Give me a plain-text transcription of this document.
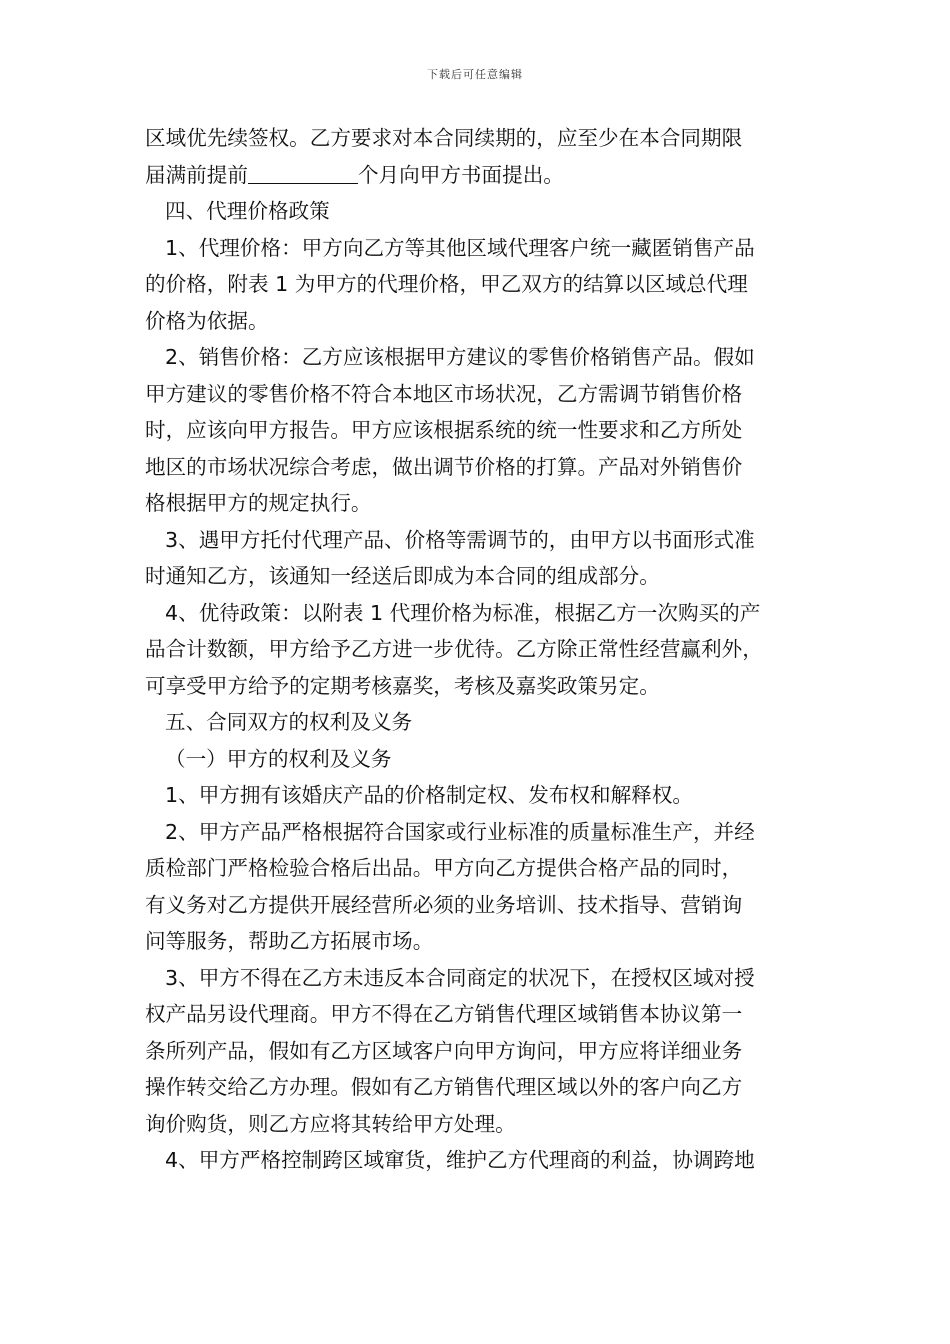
下载后可任意编辑

区域优先续签权。乙方要求对本合同续期的，应至少在本合同期限

届满前提前	个月向甲方书面提出。

四、代理价格政策

1、代理价格：甲方向乙方等其他区域代理客户统一藏匿销售产品

的价格，附表 1 为甲方的代理价格，甲乙双方的结算以区域总代理

价格为依据。

2、销售价格：乙方应该根据甲方建议的零售价格销售产品。假如

甲方建议的零售价格不符合本地区市场状况，乙方需调节销售价格

时，应该向甲方报告。甲方应该根据系统的统一性要求和乙方所处

地区的市场状况综合考虑，做出调节价格的打算。产品对外销售价

格根据甲方的规定执行。

3、遇甲方托付代理产品、价格等需调节的，由甲方以书面形式准

时通知乙方，该通知一经送后即成为本合同的组成部分。

4、优待政策：以附表 1 代理价格为标准，根据乙方一次购买的产

品合计数额，甲方给予乙方进一步优待。乙方除正常性经营赢利外，

可享受甲方给予的定期考核嘉奖，考核及嘉奖政策另定。

五、合同双方的权利及义务

（一）甲方的权利及义务

1、甲方拥有该婚庆产品的价格制定权、发布权和解释权。

2、甲方产品严格根据符合国家或行业标准的质量标准生产，并经

质检部门严格检验合格后出品。甲方向乙方提供合格产品的同时，

有义务对乙方提供开展经营所必须的业务培训、技术指导、营销询

问等服务，帮助乙方拓展市场。

3、甲方不得在乙方未违反本合同商定的状况下，在授权区域对授

权产品另设代理商。甲方不得在乙方销售代理区域销售本协议第一

条所列产品，假如有乙方区域客户向甲方询问，甲方应将详细业务

操作转交给乙方办理。假如有乙方销售代理区域以外的客户向乙方

询价购货，则乙方应将其转给甲方处理。

4、甲方严格控制跨区域窜货，维护乙方代理商的利益，协调跨地
